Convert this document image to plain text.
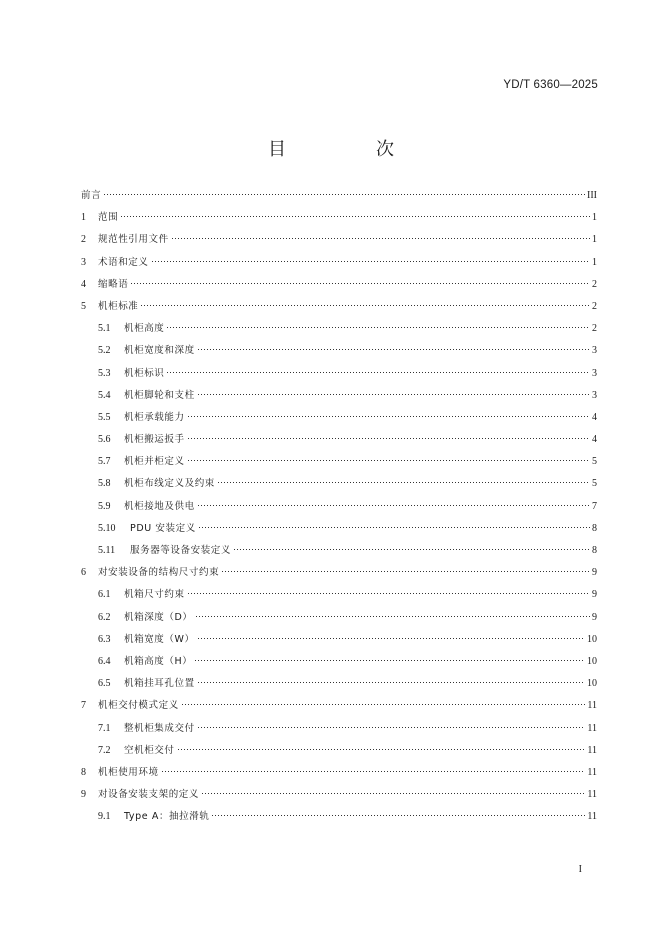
YD/T 6360—2025
目　次
前言	III
1	范围	1
2	规范性引用文件	1
3	术语和定义	1
4	缩略语	2
5	机柜标准	2
5.1	机柜高度	2
5.2	机柜宽度和深度	3
5.3	机柜标识	3
5.4	机柜脚轮和支柱	3
5.5	机柜承载能力	4
5.6	机柜搬运扳手	4
5.7	机柜并柜定义	5
5.8	机柜布线定义及约束	5
5.9	机柜接地及供电	7
5.10	PDU 安装定义	8
5.11	服务器等设备安装定义	8
6	对安装设备的结构尺寸约束	9
6.1	机箱尺寸约束	9
6.2	机箱深度（D）	9
6.3	机箱宽度（W）	10
6.4	机箱高度（H）	10
6.5	机箱挂耳孔位置	10
7	机柜交付模式定义	11
7.1	整机柜集成交付	11
7.2	空机柜交付	11
8	机柜使用环境	11
9	对设备安装支架的定义	11
9.1	Type A：抽拉滑轨	11
I
